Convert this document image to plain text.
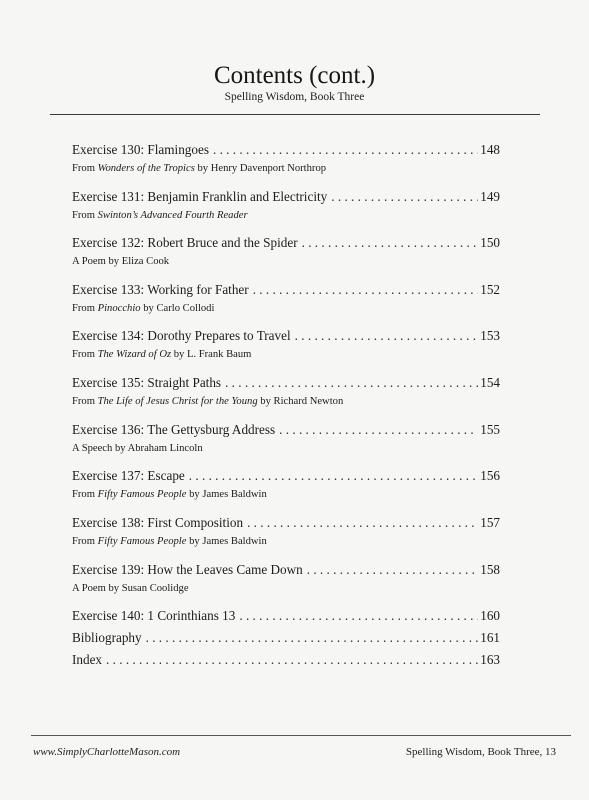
Contents (cont.)
Spelling Wisdom, Book Three
Exercise 130: Flamingoes . . .	148
From Wonders of the Tropics by Henry Davenport Northrop
Exercise 131: Benjamin Franklin and Electricity . . .	149
From Swinton’s Advanced Fourth Reader
Exercise 132: Robert Bruce and the Spider . . .	150
A Poem by Eliza Cook
Exercise 133: Working for Father . . .	152
From Pinocchio by Carlo Collodi
Exercise 134: Dorothy Prepares to Travel . . .	153
From The Wizard of Oz by L. Frank Baum
Exercise 135: Straight Paths . . .	154
From The Life of Jesus Christ for the Young by Richard Newton
Exercise 136: The Gettysburg Address . . .	155
A Speech by Abraham Lincoln
Exercise 137: Escape . . .	156
From Fifty Famous People by James Baldwin
Exercise 138: First Composition . . .	157
From Fifty Famous People by James Baldwin
Exercise 139: How the Leaves Came Down . . .	158
A Poem by Susan Coolidge
Exercise 140: 1 Corinthians 13 . . .	160
Bibliography . . .	161
Index . . .	163
www.SimplyCharlotteMason.com	Spelling Wisdom, Book Three, 13
